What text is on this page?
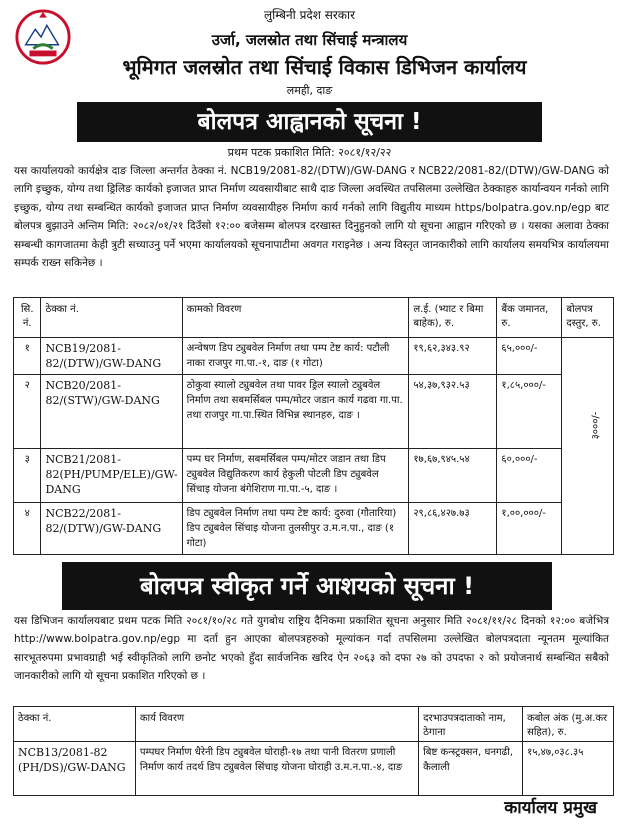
लुम्बिनी प्रदेश सरकार
उर्जा, जलस्रोत तथा सिंचाई मन्त्रालय
भूमिगत जलस्रोत तथा सिंचाई विकास डिभिजन कार्यालय
लमही, दाङ
बोलपत्र आह्वानको सूचना !
प्रथम पटक प्रकाशित मिति: २०८१/१२/२२
यस कार्यालयको कार्यक्षेत्र दाङ जिल्ला अन्तर्गत ठेक्का नं. NCB19/2081-82/(DTW)/GW-DANG र NCB22/2081-82/(DTW)/GW-DANG को लागि इच्छुक, योग्य तथा ड्रिलिङ कार्यको इजाजत प्राप्त निर्माण व्यवसायीबाट साथै दाङ जिल्ला अवस्थित तपसिलमा उल्लेखित ठेक्काहरु कार्यान्वयन गर्नको लागि इच्छुक, योग्य तथा सम्बन्धित कार्यको इजाजत प्राप्त निर्माण व्यवसायीहरु निर्माण कार्य गर्नको लागि विद्युतीय माध्यम https/bolpatra.gov.np/egp बाट बोलपत्र बुझाउने अन्तिम मिति: २०८२/०१/२१ दिउँसो १२:०० बजेसम्म बोलपत्र दरखास्त दिनुहुनको लागि यो सूचना आह्वान गरिएको छ । यसका अलावा ठेक्का सम्बन्धी कागजातमा केही त्रुटी सच्याउनु पर्ने भएमा कार्यालयको सूचनापाटीमा अवगत गराइनेछ । अन्य विस्तृत जानकारीको लागि कार्यालय समयभित्र कार्यालयमा सम्पर्क राख्न सकिनेछ ।
सि. नं.	ठेक्का नं.	कामको विवरण	ल.ई. (भ्याट र बिमा बाहेक), रु.	बैंक जमानत, रु.	बोलपत्र दस्तुर, रु.
१	NCB19/2081-82/(DTW)/GW-DANG	अन्वेषण डिप ट्युबवेल निर्माण तथा पम्प टेष्ट कार्य: पटौली नाका राजपुर गा.पा.-१, दाङ (१ गोटा)	१९,६२,३४३.९२	६५,०००/-	३०००/-

२	NCB20/2081-82/(STW)/GW-DANG	ठोकुवा स्यालो ट्युबवेल तथा पावर ड्रिल स्यालो ट्युबवेल निर्माण तथा सबमर्सिबल पम्प/मोटर जडान कार्य गढवा गा.पा. तथा राजपुर गा.पा.स्थित विभिन्न स्थानहरु, दाङ ।	५४,३७,९३२.५३	१,८५,०००/-	
३	NCB21/2081-82(PH/PUMP/ELE)/GW-DANG	पम्प घर निर्माण, सबमर्सिबल पम्प/मोटर जडान तथा डिप ट्युबवेल विद्युतिकरण कार्य हेकुली पोटली डिप ट्युबवेल सिंचाइ योजना बंगेशिराण गा.पा.-५, दाङ ।	१७,६७,९४५.५४	६०,०००/-	
४	NCB22/2081-82/(DTW)/GW-DANG	डिप ट्युबवेल निर्माण तथा पम्प टेष्ट कार्य: दुरुवा (गौतारिया) डिप ट्युबवेल सिंचाइ योजना तुलसीपुर उ.म.न.पा., दाङ (१ गोटा)	२९,८६,४२७.७३	१,००,०००/-	
बोलपत्र स्वीकृत गर्ने आशयको सूचना !
यस डिभिजन कार्यालयबाट प्रथम पटक मिति २०८१/१०/२८ गते युगबोध राष्ट्रिय दैनिकमा प्रकाशित सूचना अनुसार मिति २०८१/११/२८ दिनको १२:०० बजेभित्र http://www.bolpatra.gov.np/egp मा दर्ता हुन आएका बोलपत्रहरुको मूल्यांकन गर्दा तपसिलमा उल्लेखित बोलपत्रदाता न्यूनतम मूल्यांकित सारभूतरुपमा प्रभावग्राही भई स्वीकृतिको लागि छनोट भएको हुँदा सार्वजनिक खरिद ऐन २०६३ को दफा २७ को उपदफा २ को प्रयोजनार्थ सम्बन्धित सबैको जानकारीको लागि यो सूचना प्रकाशित गरिएको छ ।
ठेक्का नं.	कार्य विवरण	दरभाउपत्रदाताको नाम, ठेगाना	कबोल अंक (मु.अ.कर सहित), रु.
NCB13/2081-82 (PH/DS)/GW-DANG	पम्पघर निर्माण धैरेनी डिप ट्युबवेल घोराही-१७ तथा पानी वितरण प्रणाली निर्माण कार्य तदर्थ डिप ट्युबवेल सिंचाइ योजना घोराही उ.म.न.पा.-४, दाङ	बिष्ट कन्स्ट्रक्सन, धनगढी, कैलाली	१५,४७,०३८.३५
कार्यालय प्रमुख
